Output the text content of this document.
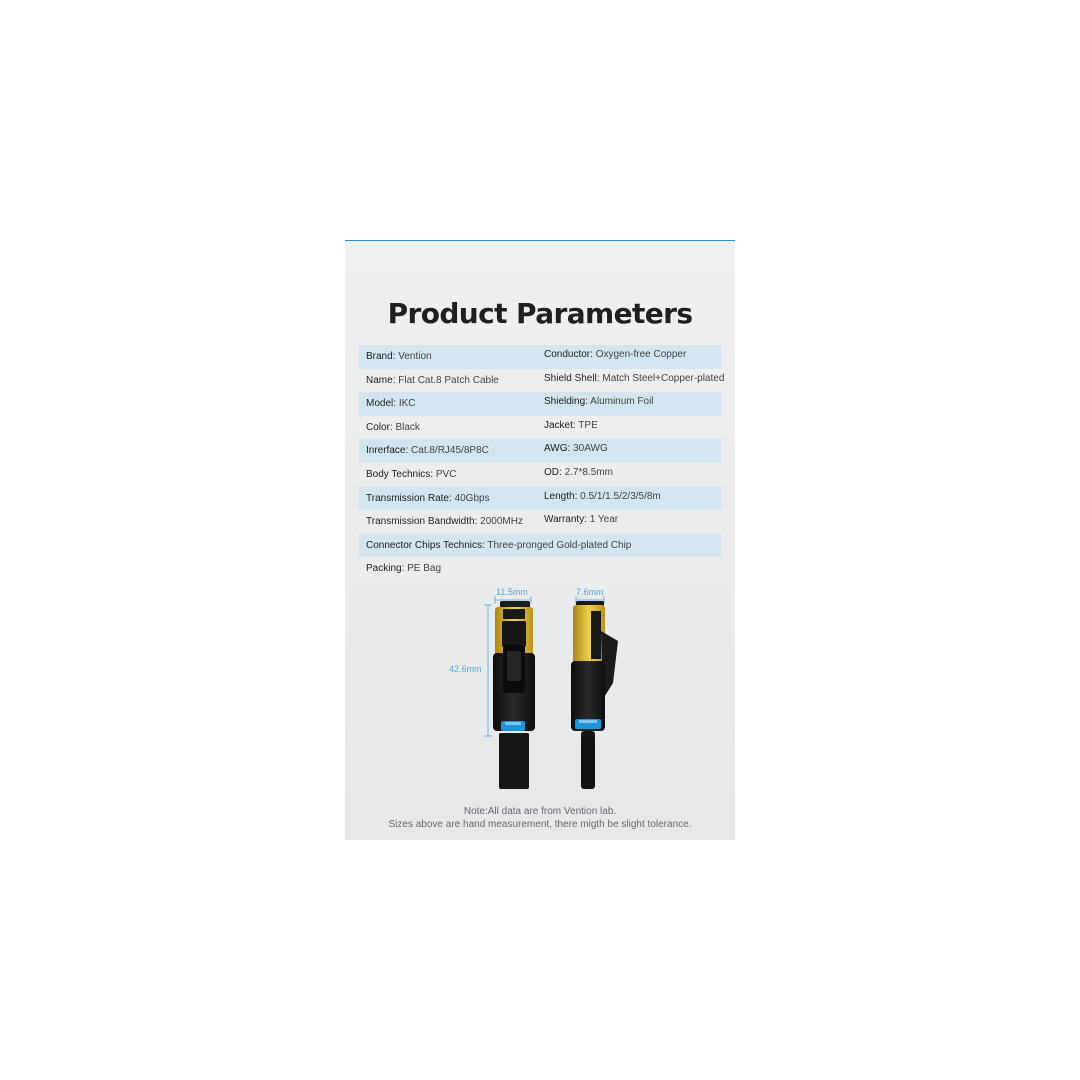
Product Parameters
Brand: Vention	Conductor: Oxygen-free Copper
Name: Flat Cat.8 Patch Cable	Shield Shell: Match Steel+Copper-plated
Model: IKC	Shielding: Aluminum Foil
Color: Black	Jacket: TPE
Inrerface: Cat.8/RJ45/8P8C	AWG: 30AWG
Body Technics: PVC	OD: 2.7*8.5mm
Transmission Rate: 40Gbps	Length: 0.5/1/1.5/2/3/5/8m
Transmission Bandwidth: 2000MHz Warranty: 1 Year
Connector Chips Technics: Three-pronged Gold-plated Chip
Packing: PE Bag
11.5mm
42.6mm
7.6mm
Note:All data are from Vention lab.
Sizes above are hand measurement, there migth be slight tolerance.
